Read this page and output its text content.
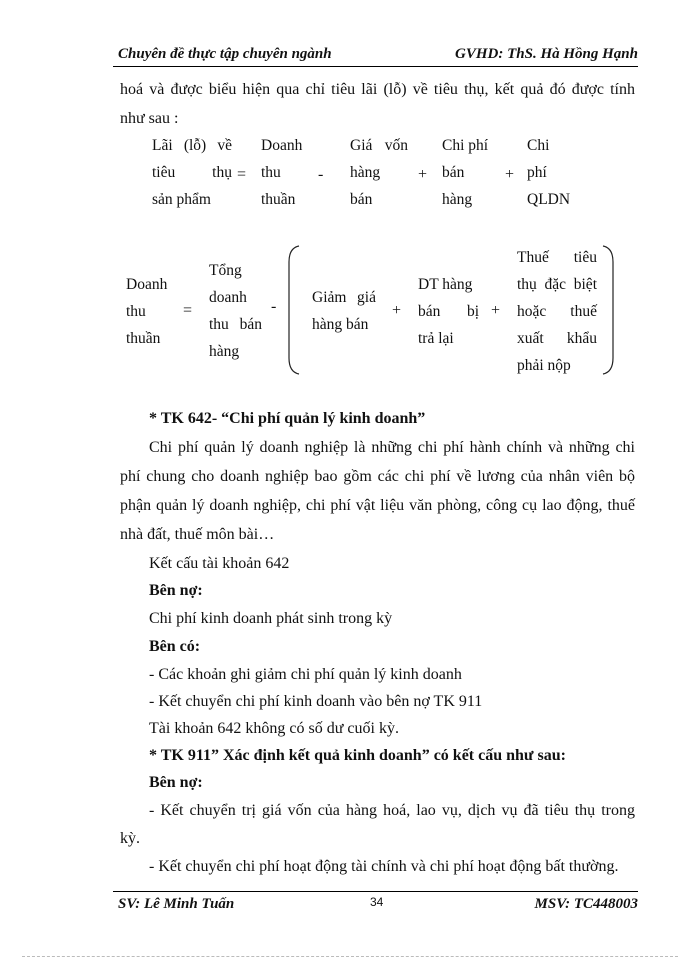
Chuyên đề thực tập chuyên ngành	GVHD: ThS. Hà Hồng Hạnh
hoá và được biểu hiện qua chỉ tiêu lãi (lỗ) về tiêu thụ, kết quả đó được tính
như sau :
Lãi (lỗ) về
tiêu thụ
sản phẩm
=
Doanh
thu
thuần
-
Giá vốn
hàng
bán
+
Chi phí
bán
hàng
+
Chi
phí
QLDN
Doanh
thu
thuần
=
Tổng
doanh
thu bán
hàng
-
Giảm giá
hàng bán
+
DT hàng
bán bị
trả lại
+
Thuế tiêu
thụ đặc biệt
hoặc thuế
xuất khẩu
phải nộp
* TK 642- “Chi phí quản lý kinh doanh”
Chi phí quản lý doanh nghiệp là những chi phí hành chính và những chi
phí chung cho doanh nghiệp bao gồm các chi phí về lương của nhân viên bộ
phận quản lý doanh nghiệp, chi phí vật liệu văn phòng, công cụ lao động, thuế
nhà đất, thuế môn bài…
Kết cấu tài khoản 642
Bên nợ:
Chi phí kinh doanh phát sinh trong kỳ
Bên có:
- Các khoản ghi giảm chi phí quản lý kinh doanh
- Kết chuyển chi phí kinh doanh vào bên nợ TK 911
Tài khoản 642 không có số dư cuối kỳ.
* TK 911” Xác định kết quả kinh doanh” có kết cấu như sau:
Bên nợ:
- Kết chuyển trị giá vốn của hàng hoá, lao vụ, dịch vụ đã tiêu thụ trong
kỳ.
- Kết chuyển chi phí hoạt động tài chính và chi phí hoạt động bất thường.
SV: Lê Minh Tuấn	34	MSV: TC448003
